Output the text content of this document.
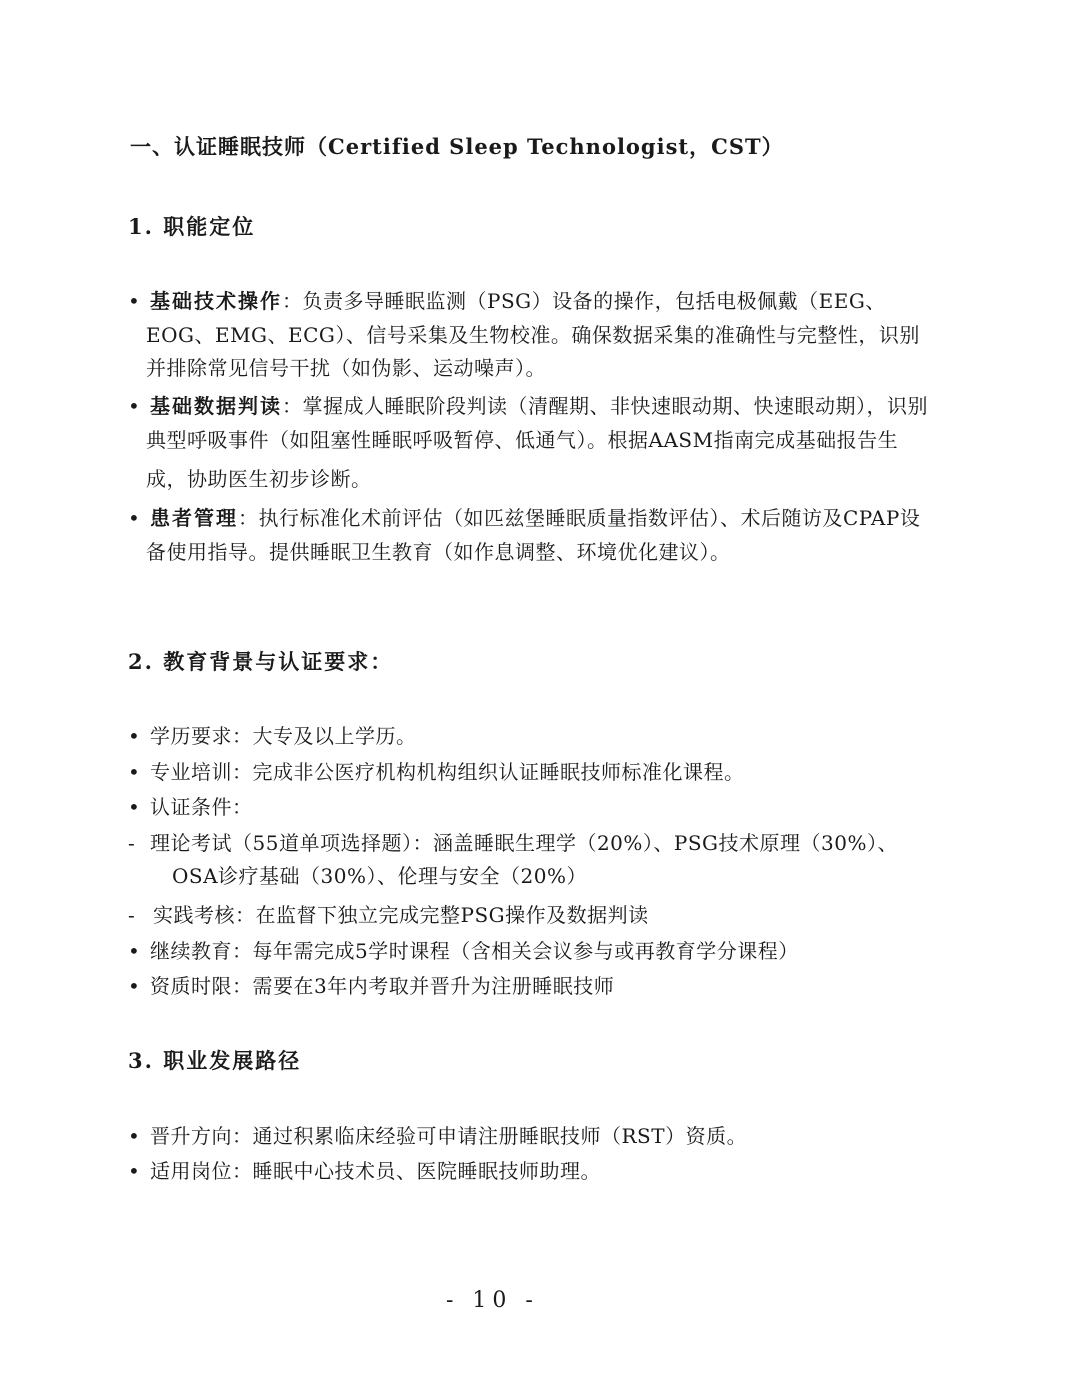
一、认证睡眠技师（Certified Sleep Technologist，CST）
1. 职能定位
• 基础技术操作：负责多导睡眠监测（PSG）设备的操作，包括电极佩戴（EEG、
EOG、EMG、ECG）、信号采集及生物校准。确保数据采集的准确性与完整性，识别
并排除常见信号干扰（如伪影、运动噪声）。
• 基础数据判读：掌握成人睡眠阶段判读（清醒期、非快速眼动期、快速眼动期），识别
典型呼吸事件（如阻塞性睡眠呼吸暂停、低通气）。根据AASM指南完成基础报告生
成，协助医生初步诊断。
• 患者管理：执行标准化术前评估（如匹兹堡睡眠质量指数评估）、术后随访及CPAP设
备使用指导。提供睡眠卫生教育（如作息调整、环境优化建议）。
2. 教育背景与认证要求：
• 学历要求：大专及以上学历。
• 专业培训：完成非公医疗机构机构组织认证睡眠技师标准化课程。
• 认证条件：
- 理论考试（55道单项选择题）：涵盖睡眠生理学（20%）、PSG技术原理（30%）、
OSA诊疗基础（30%）、伦理与安全（20%）
- 实践考核：在监督下独立完成完整PSG操作及数据判读
• 继续教育：每年需完成5学时课程（含相关会议参与或再教育学分课程）
• 资质时限：需要在3年内考取并晋升为注册睡眠技师
3. 职业发展路径
• 晋升方向：通过积累临床经验可申请注册睡眠技师（RST）资质。
• 适用岗位：睡眠中心技术员、医院睡眠技师助理。
- 10 -
